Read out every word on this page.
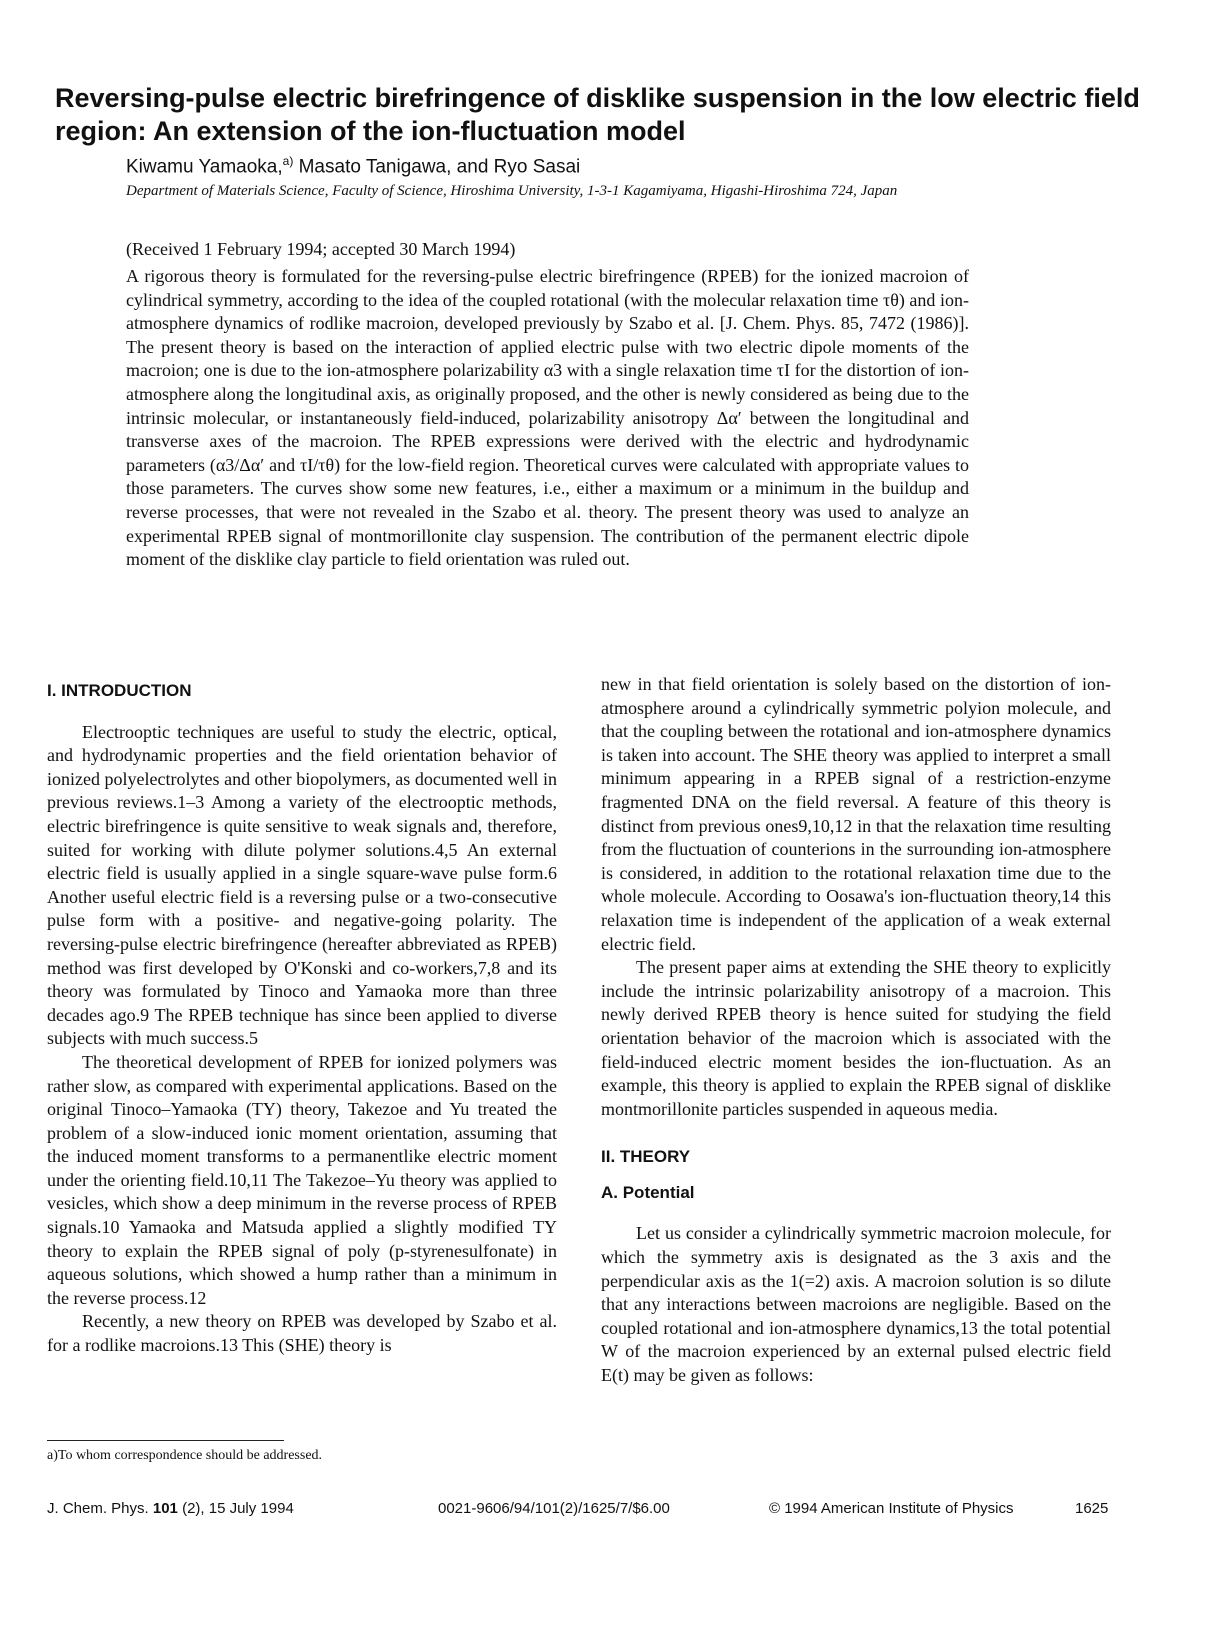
Reversing-pulse electric birefringence of disklike suspension in the low electric field region: An extension of the ion-fluctuation model
Kiwamu Yamaoka,$^{a)}$ Masato Tanigawa, and Ryo Sasai
Department of Materials Science, Faculty of Science, Hiroshima University, 1-3-1 Kagamiyama, Higashi-Hiroshima 724, Japan
(Received 1 February 1994; accepted 30 March 1994)

A rigorous theory is formulated for the reversing-pulse electric birefringence (RPEB) for the ionized macroion of cylindrical symmetry, according to the idea of the coupled rotational (with the molecular relaxation time τθ) and ion-atmosphere dynamics of rodlike macroion, developed previously by Szabo et al. [J. Chem. Phys. 85, 7472 (1986)]. The present theory is based on the interaction of applied electric pulse with two electric dipole moments of the macroion; one is due to the ion-atmosphere polarizability α3 with a single relaxation time τI for the distortion of ion-atmosphere along the longitudinal axis, as originally proposed, and the other is newly considered as being due to the intrinsic molecular, or instantaneously field-induced, polarizability anisotropy Δα′ between the longitudinal and transverse axes of the macroion. The RPEB expressions were derived with the electric and hydrodynamic parameters (α3/Δα′ and τI/τθ) for the low-field region. Theoretical curves were calculated with appropriate values to those parameters. The curves show some new features, i.e., either a maximum or a minimum in the buildup and reverse processes, that were not revealed in the Szabo et al. theory. The present theory was used to analyze an experimental RPEB signal of montmorillonite clay suspension. The contribution of the permanent electric dipole moment of the disklike clay particle to field orientation was ruled out.

I. INTRODUCTION

Electrooptic techniques are useful to study the electric, optical, and hydrodynamic properties and the field orientation behavior of ionized polyelectrolytes and other biopolymers, as documented well in previous reviews.1–3 Among a variety of the electrooptic methods, electric birefringence is quite sensitive to weak signals and, therefore, suited for working with dilute polymer solutions.4,5 An external electric field is usually applied in a single square-wave pulse form.6 Another useful electric field is a reversing pulse or a two-consecutive pulse form with a positive- and negative-going polarity. The reversing-pulse electric birefringence (hereafter abbreviated as RPEB) method was first developed by O'Konski and co-workers,7,8 and its theory was formulated by Tinoco and Yamaoka more than three decades ago.9 The RPEB technique has since been applied to diverse subjects with much success.5

The theoretical development of RPEB for ionized polymers was rather slow, as compared with experimental applications. Based on the original Tinoco–Yamaoka (TY) theory, Takezoe and Yu treated the problem of a slow-induced ionic moment orientation, assuming that the induced moment transforms to a permanentlike electric moment under the orienting field.10,11 The Takezoe–Yu theory was applied to vesicles, which show a deep minimum in the reverse process of RPEB signals.10 Yamaoka and Matsuda applied a slightly modified TY theory to explain the RPEB signal of poly (p-styrenesulfonate) in aqueous solutions, which showed a hump rather than a minimum in the reverse process.12

Recently, a new theory on RPEB was developed by Szabo et al. for a rodlike macroions.13 This (SHE) theory is

new in that field orientation is solely based on the distortion of ion-atmosphere around a cylindrically symmetric polyion molecule, and that the coupling between the rotational and ion-atmosphere dynamics is taken into account. The SHE theory was applied to interpret a small minimum appearing in a RPEB signal of a restriction-enzyme fragmented DNA on the field reversal. A feature of this theory is distinct from previous ones9,10,12 in that the relaxation time resulting from the fluctuation of counterions in the surrounding ion-atmosphere is considered, in addition to the rotational relaxation time due to the whole molecule. According to Oosawa's ion-fluctuation theory,14 this relaxation time is independent of the application of a weak external electric field.

The present paper aims at extending the SHE theory to explicitly include the intrinsic polarizability anisotropy of a macroion. This newly derived RPEB theory is hence suited for studying the field orientation behavior of the macroion which is associated with the field-induced electric moment besides the ion-fluctuation. As an example, this theory is applied to explain the RPEB signal of disklike montmorillonite particles suspended in aqueous media.

II. THEORY
A. Potential

Let us consider a cylindrically symmetric macroion molecule, for which the symmetry axis is designated as the 3 axis and the perpendicular axis as the 1(=2) axis. A macroion solution is so dilute that any interactions between macroions are negligible. Based on the coupled rotational and ion-atmosphere dynamics,13 the total potential W of the macroion experienced by an external pulsed electric field E(t) may be given as follows:

a)To whom correspondence should be addressed.
J. Chem. Phys. 101 (2), 15 July 1994	0021-9606/94/101(2)/1625/7/$6.00	© 1994 American Institute of Physics	1625
